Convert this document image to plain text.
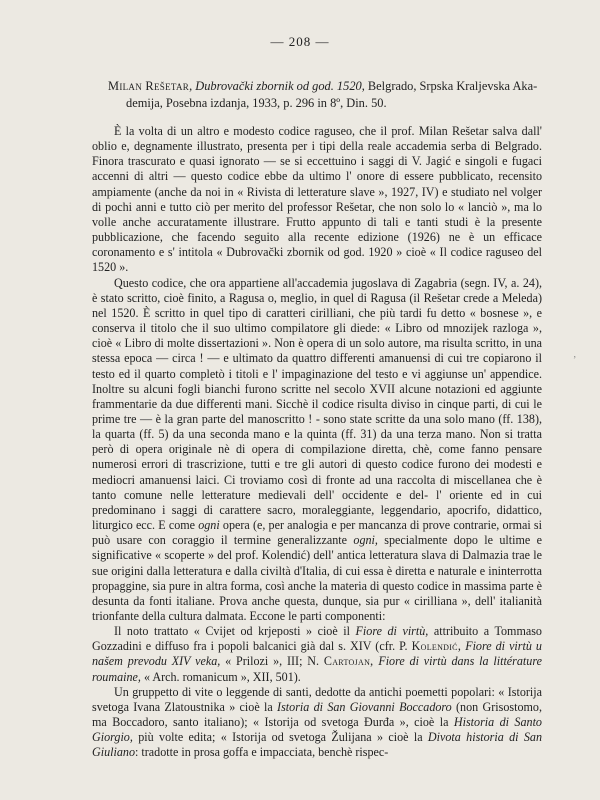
— 208 —

Milan Rešetar, Dubrovački zbornik od god. 1520, Belgrado, Srpska Kraljevska Aka-
demija, Posebna izdanja, 1933, p. 296 in 8º, Din. 50.

È la volta di un altro e modesto codice raguseo, che il prof. Milan Rešetar salva dall' oblio e, degnamente illustrato, presenta per i tipi della reale accademia serba di Belgrado. Finora trascurato e quasi ignorato — se si eccettuino i saggi di V. Jagić e singoli e fugaci accenni di altri — questo codice ebbe da ultimo l' onore di essere pubblicato, recensito ampiamente (anche da noi in « Rivista di letterature slave », 1927, IV) e studiato nel volger di pochi anni e tutto ciò per merito del professor Rešetar, che non solo lo « lanciò », ma lo volle anche accuratamente illustrare. Frutto appunto di tali e tanti studi è la presente pubblicazione, che facendo seguito alla recente edizione (1926) ne è un efficace coronamento e s' intitola « Dubrovački zbornik od god. 1920 » cioè « Il codice raguseo del 1520 ».

Questo codice, che ora appartiene all'accademia jugoslava di Zagabria (segn. IV, a. 24), è stato scritto, cioè finito, a Ragusa o, meglio, in quel di Ragusa (il Rešetar crede a Meleda) nel 1520. È scritto in quel tipo di caratteri cirilliani, che più tardi fu detto « bosnese », e conserva il titolo che il suo ultimo compilatore gli diede: « Libro od mnozijek razloga », cioè « Libro di molte dissertazioni ». Non è opera di un solo autore, ma risulta scritto, in una stessa epoca — circa ! — e ultimato da quattro differenti amanuensi di cui tre copiarono il testo ed il quarto completò i titoli e l' impaginazione del testo e vi aggiunse un' appendice. Inoltre su alcuni fogli bianchi furono scritte nel secolo XVII alcune notazioni ed aggiunte frammentarie da due differenti mani. Sicchè il codice risulta diviso in cinque parti, di cui le prime tre — è la gran parte del manoscritto ! - sono state scritte da una solo mano (ff. 138), la quarta (ff. 5) da una seconda mano e la quinta (ff. 31) da una terza mano. Non si tratta però di opera originale nè di opera di compilazione diretta, chè, come fanno pensare numerosi errori di trascrizione, tutti e tre gli autori di questo codice furono dei modesti e mediocri amanuensi laici. Ci troviamo così di fronte ad una raccolta di miscellanea che è tanto comune nelle letterature medievali dell' occidente e del- l' oriente ed in cui predominano i saggi di carattere sacro, moraleggiante, leggendario, apocrifo, didattico, liturgico ecc. E come ogni opera (e, per analogia e per mancanza di prove contrarie, ormai si può usare con coraggio il termine generalizzante ogni, specialmente dopo le ultime e significative « scoperte » del prof. Kolendić) dell' antica letteratura slava di Dalmazia trae le sue origini dalla letteratura e dalla civiltà d'Italia, di cui essa è diretta e naturale e ininterrotta propaggine, sia pure in altra forma, così anche la materia di questo codice in massima parte è desunta da fonti italiane. Prova anche questa, dunque, sia pur « cirilliana », dell' italianità trionfante della cultura dalmata. Eccone le parti componenti:

Il noto trattato « Cvijet od krjeposti » cioè il Fiore di virtù, attribuito a Tommaso Gozzadini e diffuso fra i popoli balcanici già dal s. XIV (cfr. P. Kolendić, Fiore di virtù u našem prevodu XIV veka, « Prilozi », III; N. Cartojan, Fiore di virtù dans la littérature roumaine, « Arch. romanicum », XII, 501).

Un gruppetto di vite o leggende di santi, dedotte da antichi poemetti popolari: « Istorija svetoga Ivana Zlatoustnika » cioè la Istoria di San Giovanni Boccadoro (non Grisostomo, ma Boccadoro, santo italiano); « Istorija od svetoga Đurđa », cioè la Historia di Santo Giorgio, più volte edita; « Istorija od svetoga Žulijana » cioè la Divota historia di San Giuliano: tradotte in prosa goffa e impacciata, benchè rispec-

’
